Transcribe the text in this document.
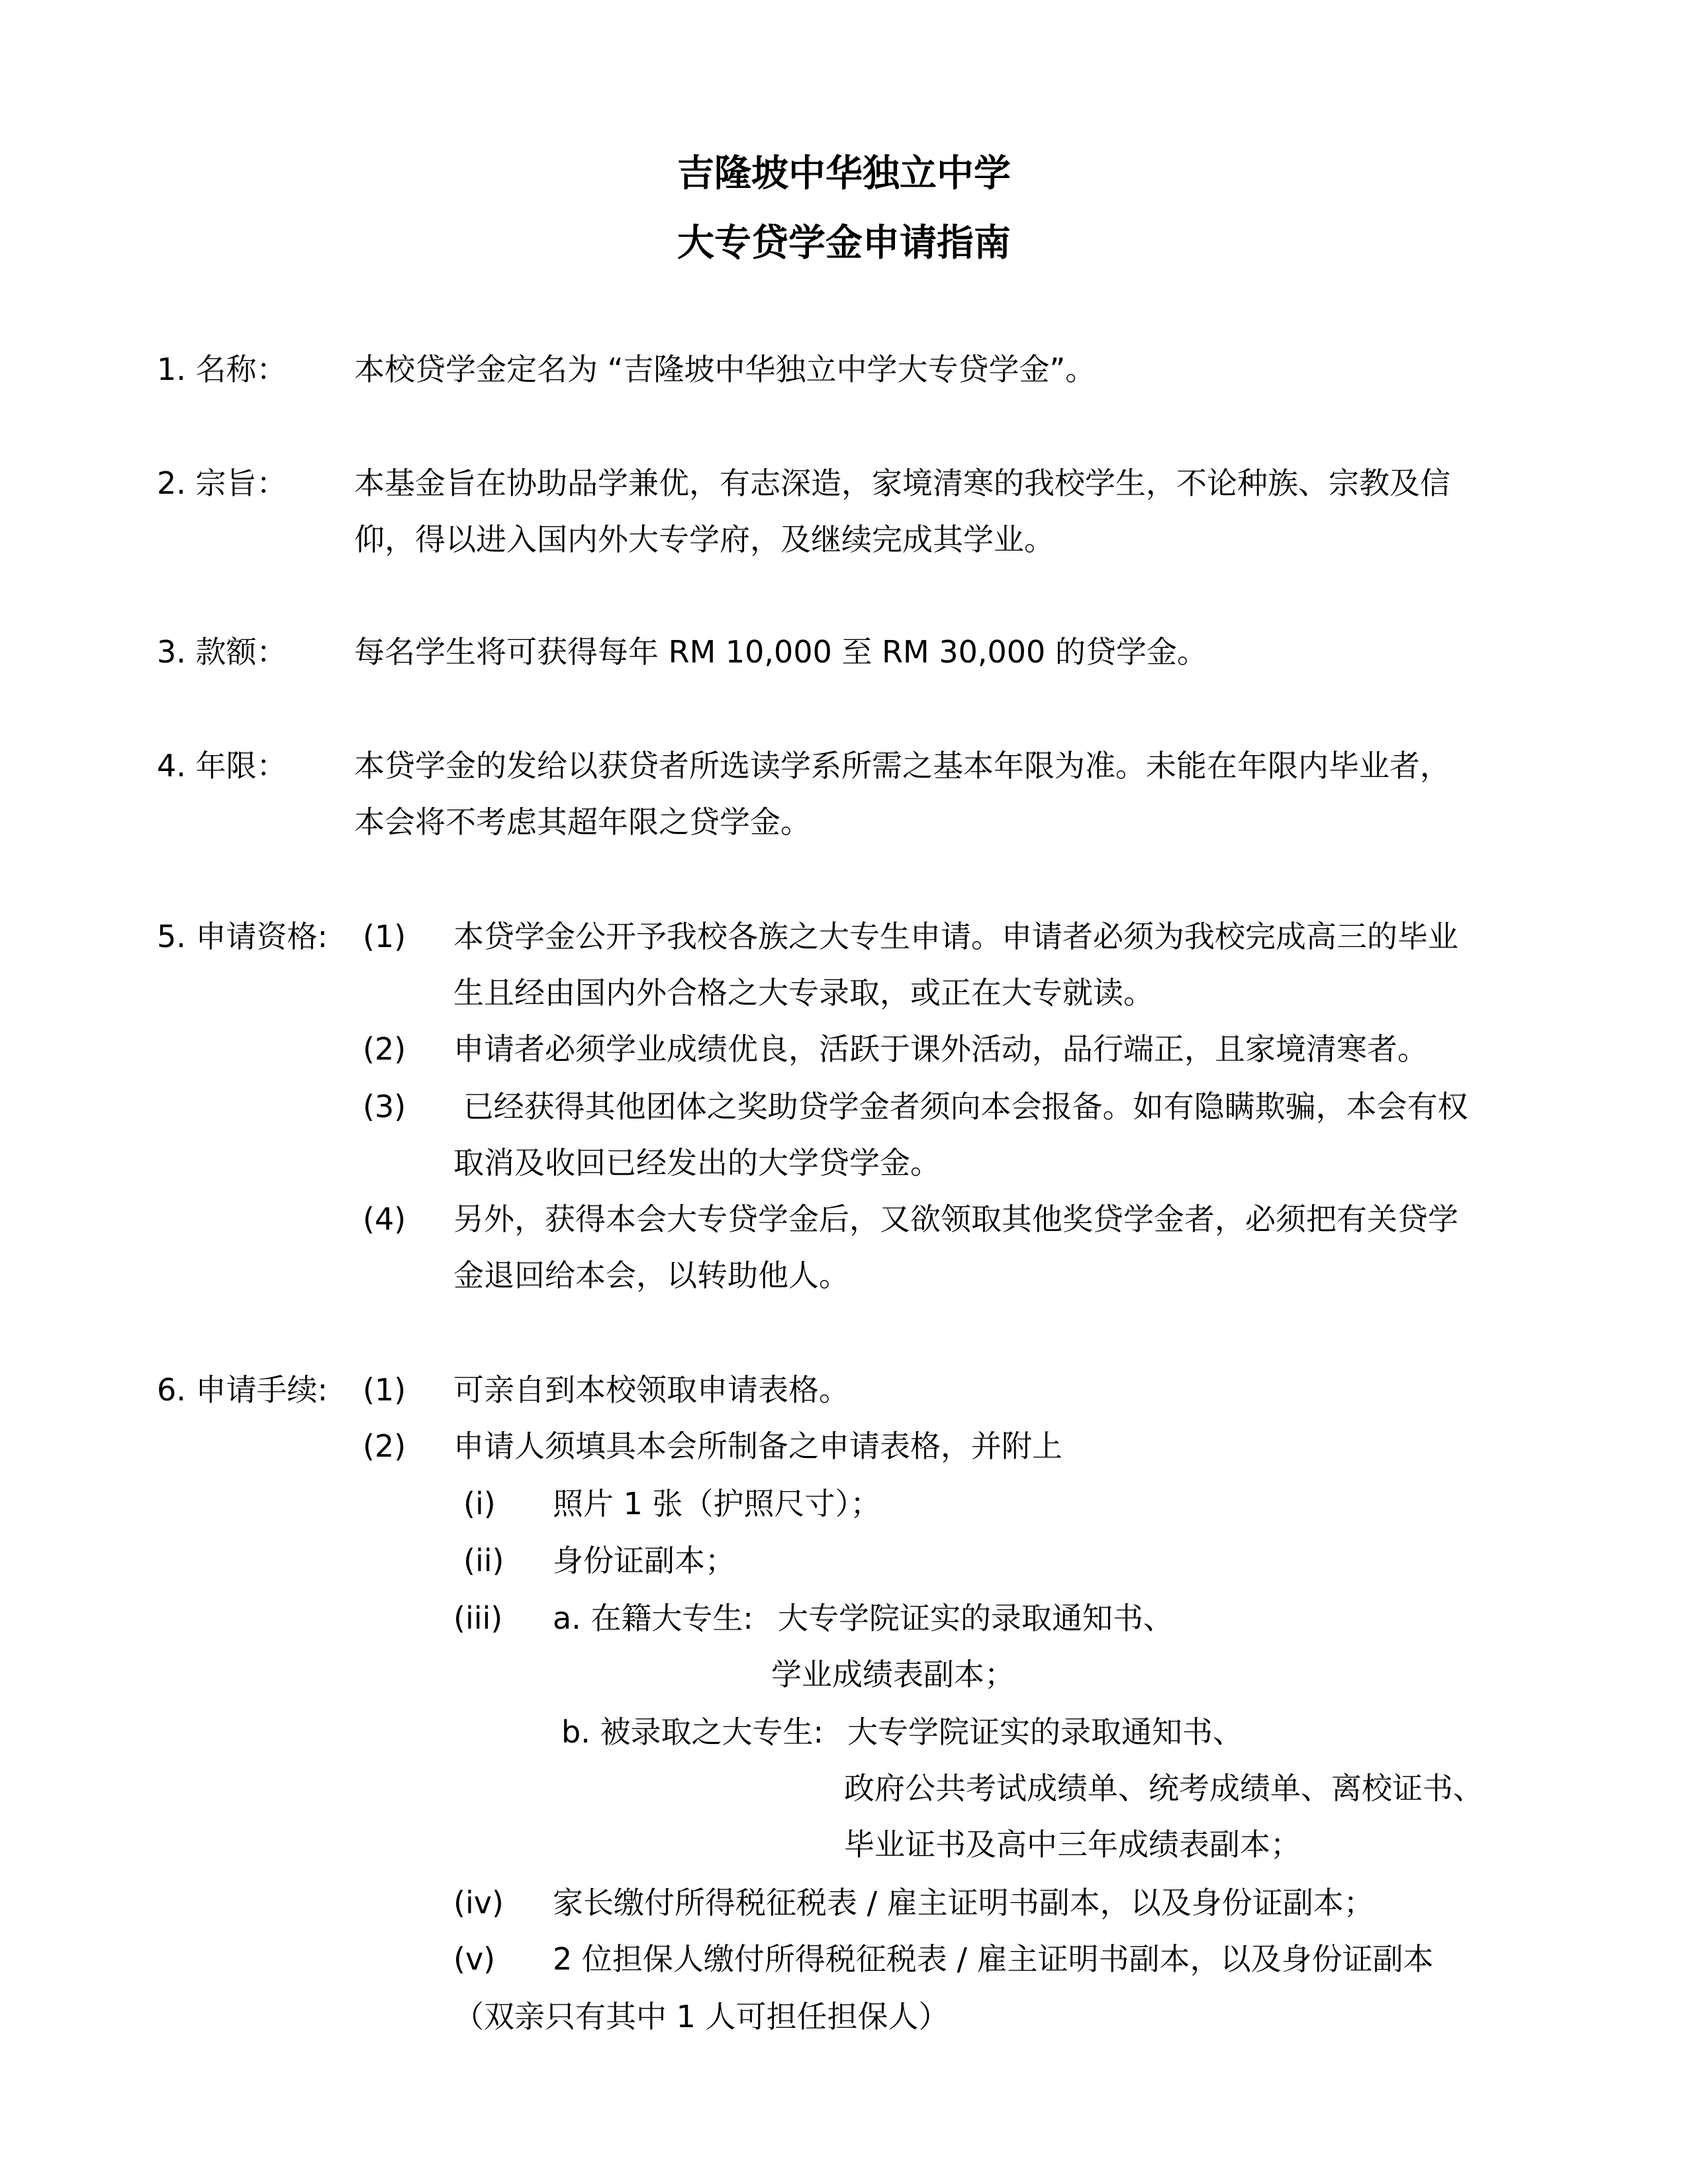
吉隆坡中华独立中学
大专贷学金申请指南
1. 名称： 本校贷学金定名为 “吉隆坡中华独立中学大专贷学金”。
2. 宗旨： 本基金旨在协助品学兼优，有志深造，家境清寒的我校学生，不论种族、宗教及信
仰，得以进入国内外大专学府，及继续完成其学业。
3. 款额： 每名学生将可获得每年 RM 10,000 至 RM 30,000 的贷学金。
4. 年限： 本贷学金的发给以获贷者所选读学系所需之基本年限为准。未能在年限内毕业者，
本会将不考虑其超年限之贷学金。
5. 申请资格: (1) 本贷学金公开予我校各族之大专生申请。申请者必须为我校完成高三的毕业
生且经由国内外合格之大专录取，或正在大专就读。
(2) 申请者必须学业成绩优良，活跃于课外活动，品行端正，且家境清寒者。
(3) 已经获得其他团体之奖助贷学金者须向本会报备。如有隐瞒欺骗，本会有权
取消及收回已经发出的大学贷学金。
(4) 另外，获得本会大专贷学金后，又欲领取其他奖贷学金者，必须把有关贷学
金退回给本会，以转助他人。
6. 申请手续: (1) 可亲自到本校领取申请表格。
(2) 申请人须填具本会所制备之申请表格，并附上
(i) 照片 1 张（护照尺寸）；
(ii) 身份证副本；
(iii) a. 在籍大专生: 大专学院证实的录取通知书、
学业成绩表副本；
b. 被录取之大专生: 大专学院证实的录取通知书、
政府公共考试成绩单、统考成绩单、离校证书、
毕业证书及高中三年成绩表副本；
(iv) 家长缴付所得税征税表 / 雇主证明书副本，以及身份证副本；
(v) 2 位担保人缴付所得税征税表 / 雇主证明书副本，以及身份证副本
（双亲只有其中 1 人可担任担保人）
